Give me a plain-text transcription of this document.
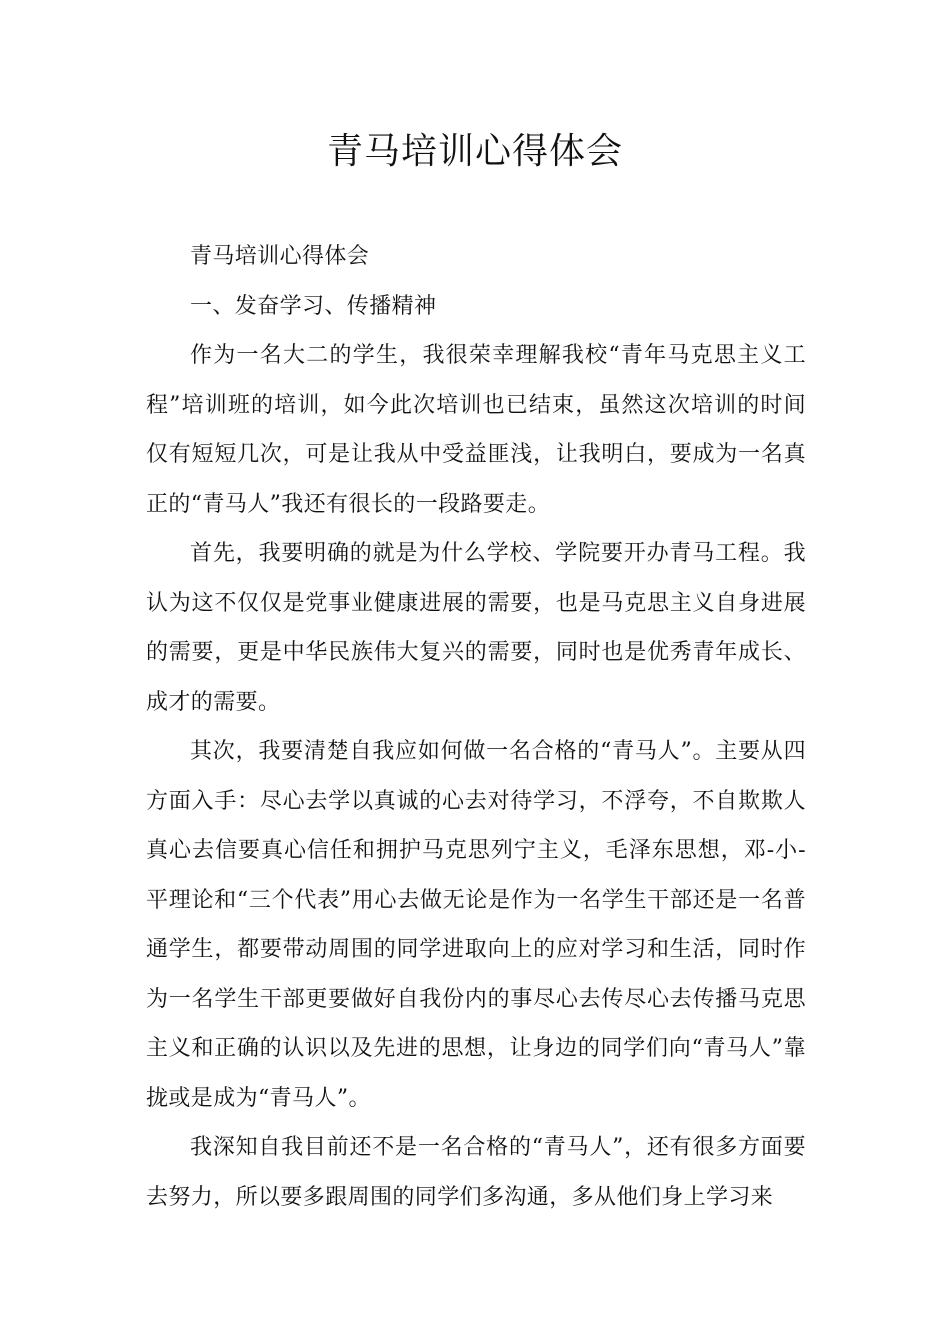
青马培训心得体会

青马培训心得体会

一、发奋学习、传播精神

作为一名大二的学生，我很荣幸理解我校“青年马克思主义工程”培训班的培训，如今此次培训也已结束，虽然这次培训的时间仅有短短几次，可是让我从中受益匪浅，让我明白，要成为一名真正的“青马人”我还有很长的一段路要走。

首先，我要明确的就是为什么学校、学院要开办青马工程。我认为这不仅仅是党事业健康进展的需要，也是马克思主义自身进展的需要，更是中华民族伟大复兴的需要，同时也是优秀青年成长、成才的需要。

其次，我要清楚自我应如何做一名合格的“青马人”。主要从四方面入手：尽心去学以真诚的心去对待学习，不浮夸，不自欺欺人真心去信要真心信任和拥护马克思列宁主义，毛泽东思想，邓-小-平理论和“三个代表”用心去做无论是作为一名学生干部还是一名普通学生，都要带动周围的同学进取向上的应对学习和生活，同时作为一名学生干部更要做好自我份内的事尽心去传尽心去传播马克思主义和正确的认识以及先进的思想，让身边的同学们向“青马人”靠拢或是成为“青马人”。

我深知自我目前还不是一名合格的“青马人”，还有很多方面要去努力，所以要多跟周围的同学们多沟通，多从他们身上学习来
